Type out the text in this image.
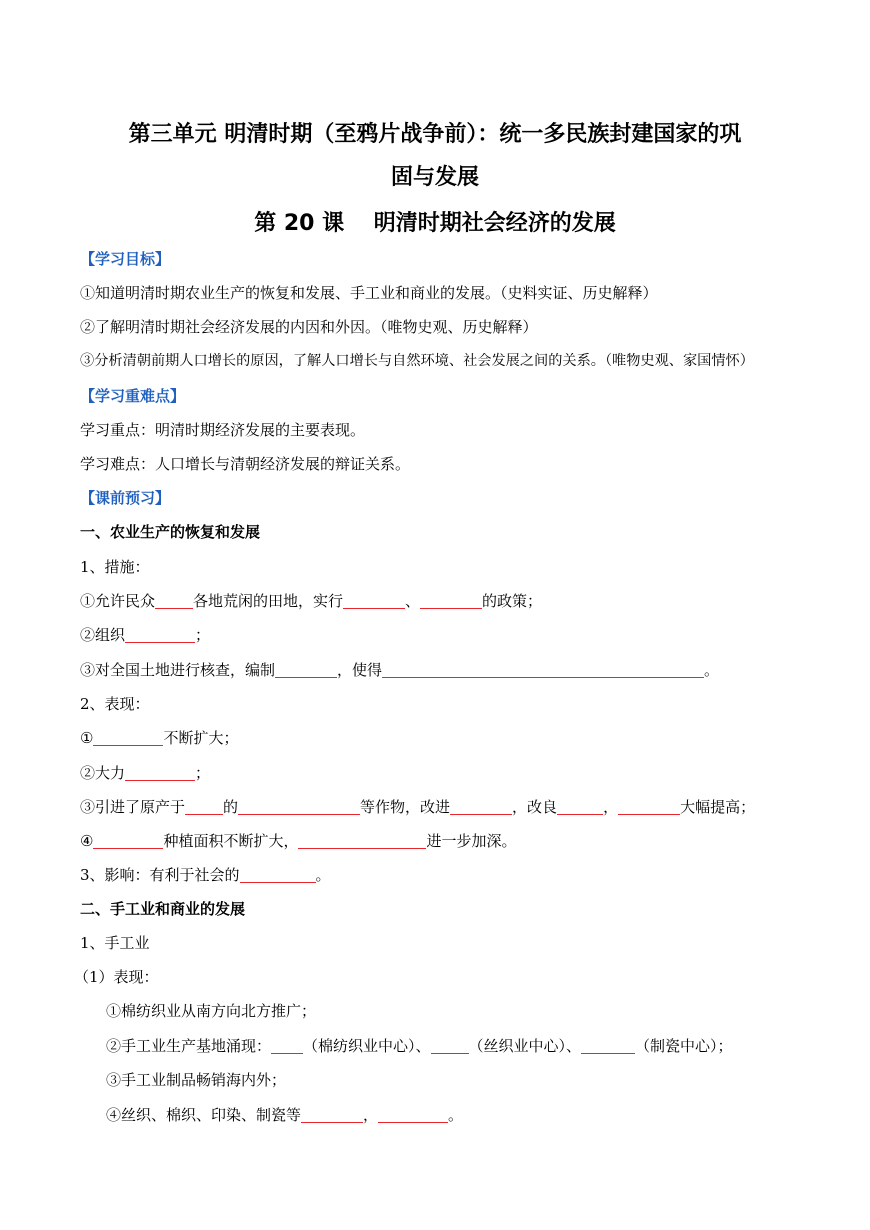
第三单元 明清时期（至鸦片战争前）：统一多民族封建国家的巩
固与发展
第 20 课　 明清时期社会经济的发展
【学习目标】
①知道明清时期农业生产的恢复和发展、手工业和商业的发展。（史料实证、历史解释）
②了解明清时期社会经济发展的内因和外因。（唯物史观、历史解释）
③分析清朝前期人口增长的原因，了解人口增长与自然环境、社会发展之间的关系。（唯物史观、家国情怀）
【学习重难点】
学习重点：明清时期经济发展的主要表现。
学习难点：人口增长与清朝经济发展的辩证关系。
【课前预习】
一、农业生产的恢复和发展
1、措施：
①允许民众	各地荒闲的田地，实行	、	的政策；
②组织	；
③对全国土地进行核查，编制	，使得	。
2、表现：
①	不断扩大；
②大力	；
③引进了原产于	的	等作物，改进	，改良	，	大幅提高；
④	种植面积不断扩大，	进一步加深。
3、影响：有利于社会的	。
二、手工业和商业的发展
1、手工业
（1）表现：
①棉纺织业从南方向北方推广；
②手工业生产基地涌现： （棉纺织业中心）、	（丝织业中心）、	（制瓷中心）；
③手工业制品畅销海内外；
④丝织、棉织、印染、制瓷等	，	。
